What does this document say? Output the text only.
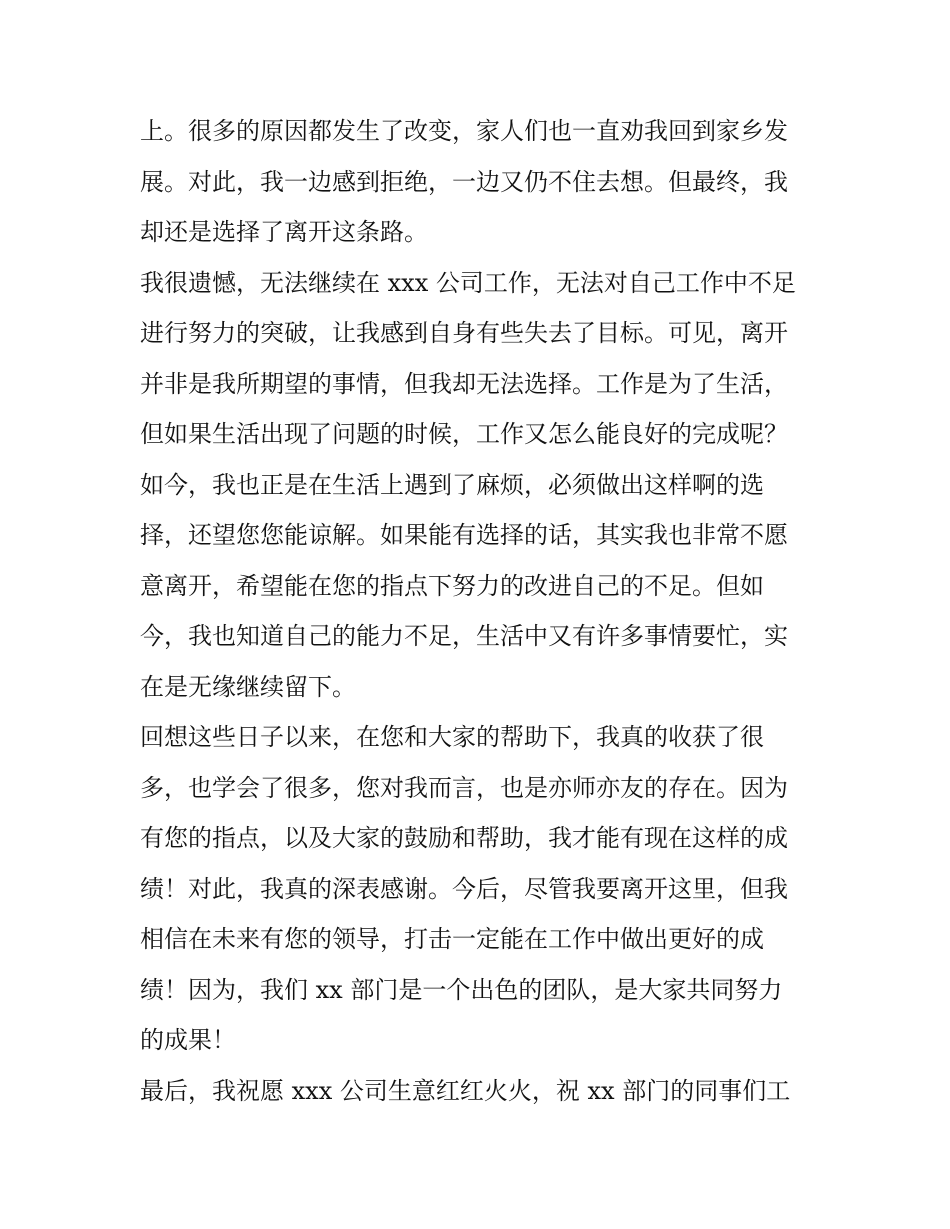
上。很多的原因都发生了改变，家人们也一直劝我回到家乡发
展。对此，我一边感到拒绝，一边又仍不住去想。但最终，我
却还是选择了离开这条路。
我很遗憾，无法继续在 xxx 公司工作，无法对自己工作中不足
进行努力的突破，让我感到自身有些失去了目标。可见，离开
并非是我所期望的事情，但我却无法选择。工作是为了生活，
但如果生活出现了问题的时候，工作又怎么能良好的完成呢？
如今，我也正是在生活上遇到了麻烦，必须做出这样啊的选
择，还望您您能谅解。如果能有选择的话，其实我也非常不愿
意离开，希望能在您的指点下努力的改进自己的不足。但如
今，我也知道自己的能力不足，生活中又有许多事情要忙，实
在是无缘继续留下。
回想这些日子以来，在您和大家的帮助下，我真的收获了很
多，也学会了很多，您对我而言，也是亦师亦友的存在。因为
有您的指点，以及大家的鼓励和帮助，我才能有现在这样的成
绩！对此，我真的深表感谢。今后，尽管我要离开这里，但我
相信在未来有您的领导，打击一定能在工作中做出更好的成
绩！因为，我们 xx 部门是一个出色的团队，是大家共同努力
的成果！
最后，我祝愿 xxx 公司生意红红火火，祝 xx 部门的同事们工
